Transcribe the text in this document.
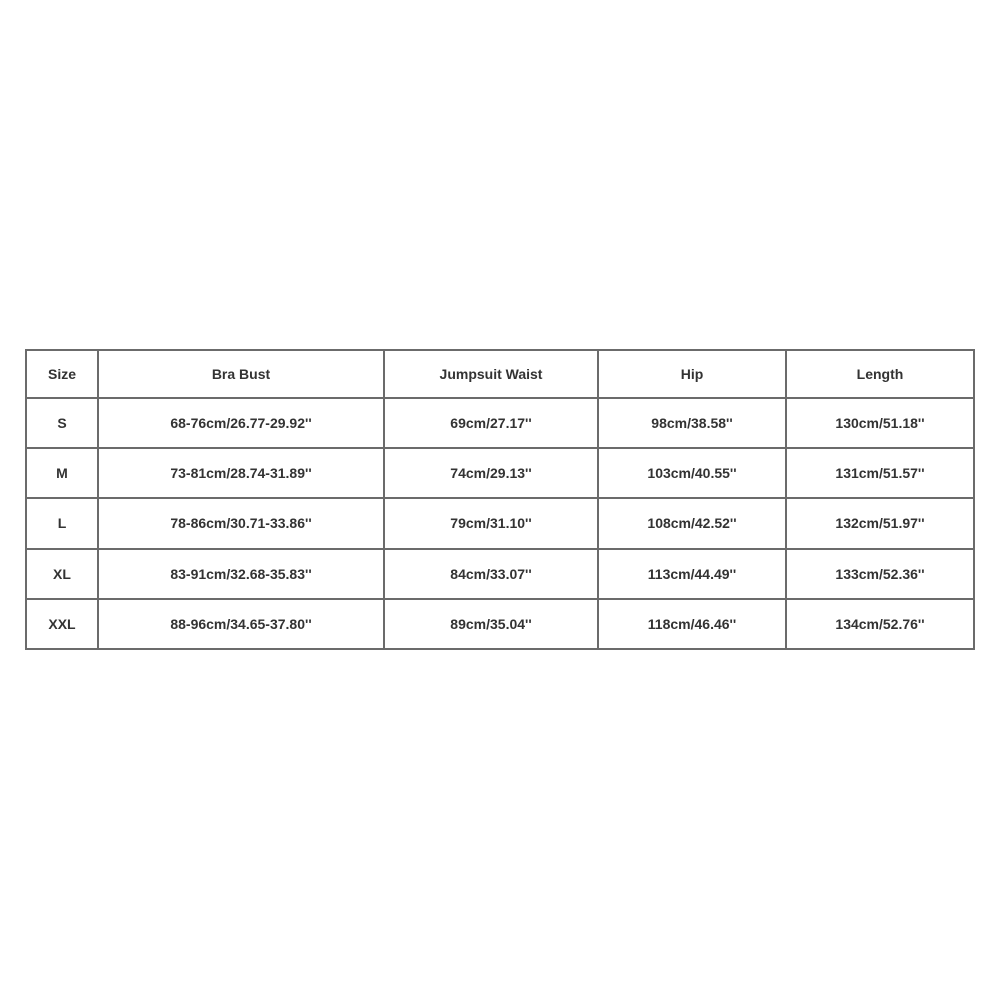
Size	Bra Bust	Jumpsuit Waist	Hip	Length
S	68-76cm/26.77-29.92''	69cm/27.17''	98cm/38.58''	130cm/51.18''
M	73-81cm/28.74-31.89''	74cm/29.13''	103cm/40.55''	131cm/51.57''
L	78-86cm/30.71-33.86''	79cm/31.10''	108cm/42.52''	132cm/51.97''
XL	83-91cm/32.68-35.83''	84cm/33.07''	113cm/44.49''	133cm/52.36''
XXL	88-96cm/34.65-37.80''	89cm/35.04''	118cm/46.46''	134cm/52.76''
